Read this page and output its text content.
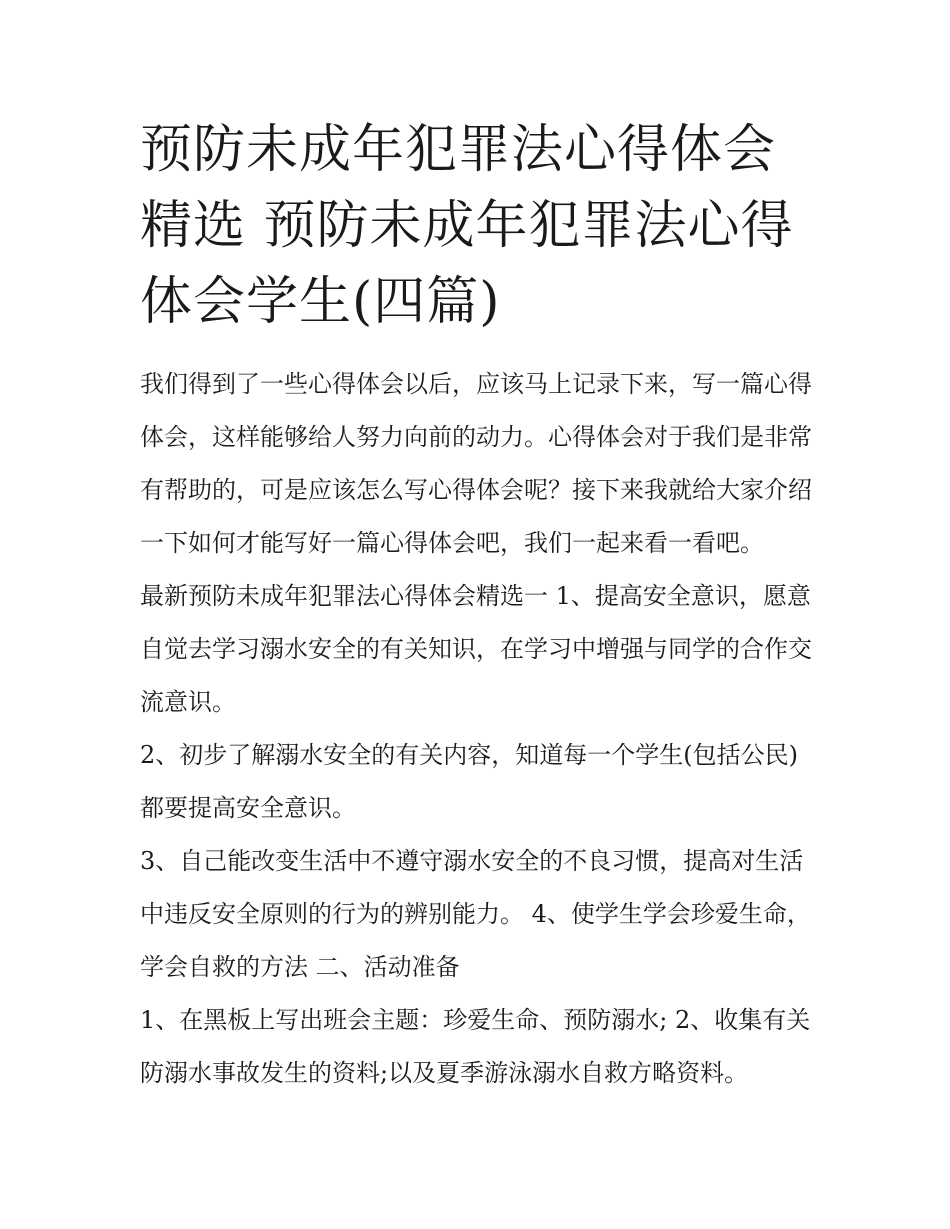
预防未成年犯罪法心得体会精选 预防未成年犯罪法心得体会学生(四篇)

我们得到了一些心得体会以后，应该马上记录下来，写一篇心得体会，这样能够给人努力向前的动力。心得体会对于我们是非常有帮助的，可是应该怎么写心得体会呢？接下来我就给大家介绍一下如何才能写好一篇心得体会吧，我们一起来看一看吧。

最新预防未成年犯罪法心得体会精选一 1、提高安全意识，愿意自觉去学习溺水安全的有关知识，在学习中增强与同学的合作交流意识。

2、初步了解溺水安全的有关内容，知道每一个学生(包括公民)都要提高安全意识。

3、自己能改变生活中不遵守溺水安全的不良习惯，提高对生活中违反安全原则的行为的辨别能力。 4、使学生学会珍爱生命，学会自救的方法 二、活动准备

1、在黑板上写出班会主题：珍爱生命、预防溺水; 2、收集有关防溺水事故发生的资料;以及夏季游泳溺水自救方略资料。
